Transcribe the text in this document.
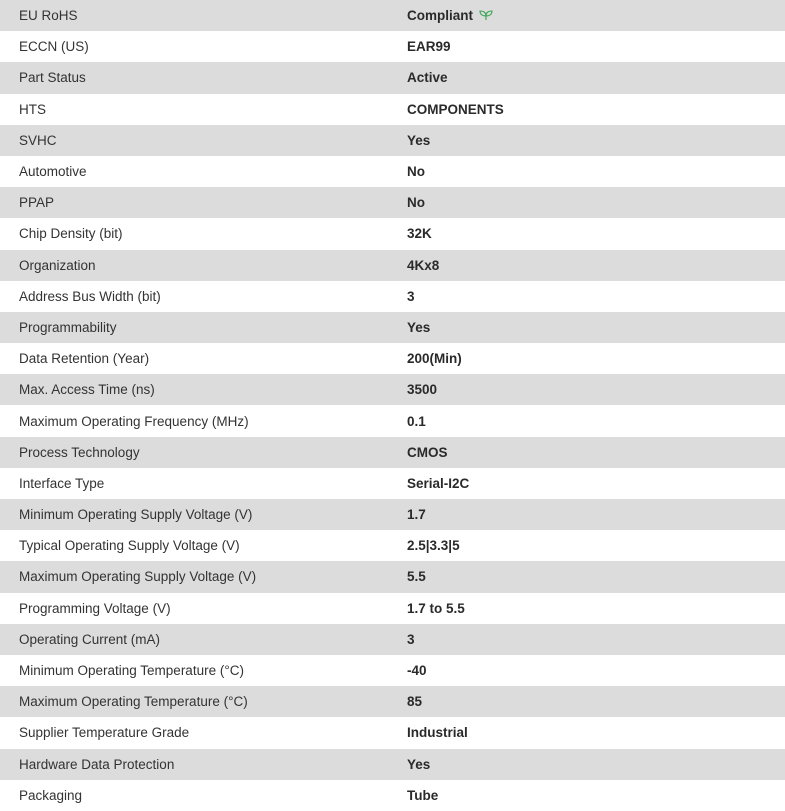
EU RoHS	Compliant
ECCN (US)	EAR99
Part Status	Active
HTS	COMPONENTS
SVHC	Yes
Automotive	No
PPAP	No
Chip Density (bit)	32K
Organization	4Kx8
Address Bus Width (bit)	3
Programmability	Yes
Data Retention (Year)	200(Min)
Max. Access Time (ns)	3500
Maximum Operating Frequency (MHz)	0.1
Process Technology	CMOS
Interface Type	Serial-I2C
Minimum Operating Supply Voltage (V)	1.7
Typical Operating Supply Voltage (V)	2.5|3.3|5
Maximum Operating Supply Voltage (V)	5.5
Programming Voltage (V)	1.7 to 5.5
Operating Current (mA)	3
Minimum Operating Temperature (°C)	-40
Maximum Operating Temperature (°C)	85
Supplier Temperature Grade	Industrial
Hardware Data Protection	Yes
Packaging	Tube
